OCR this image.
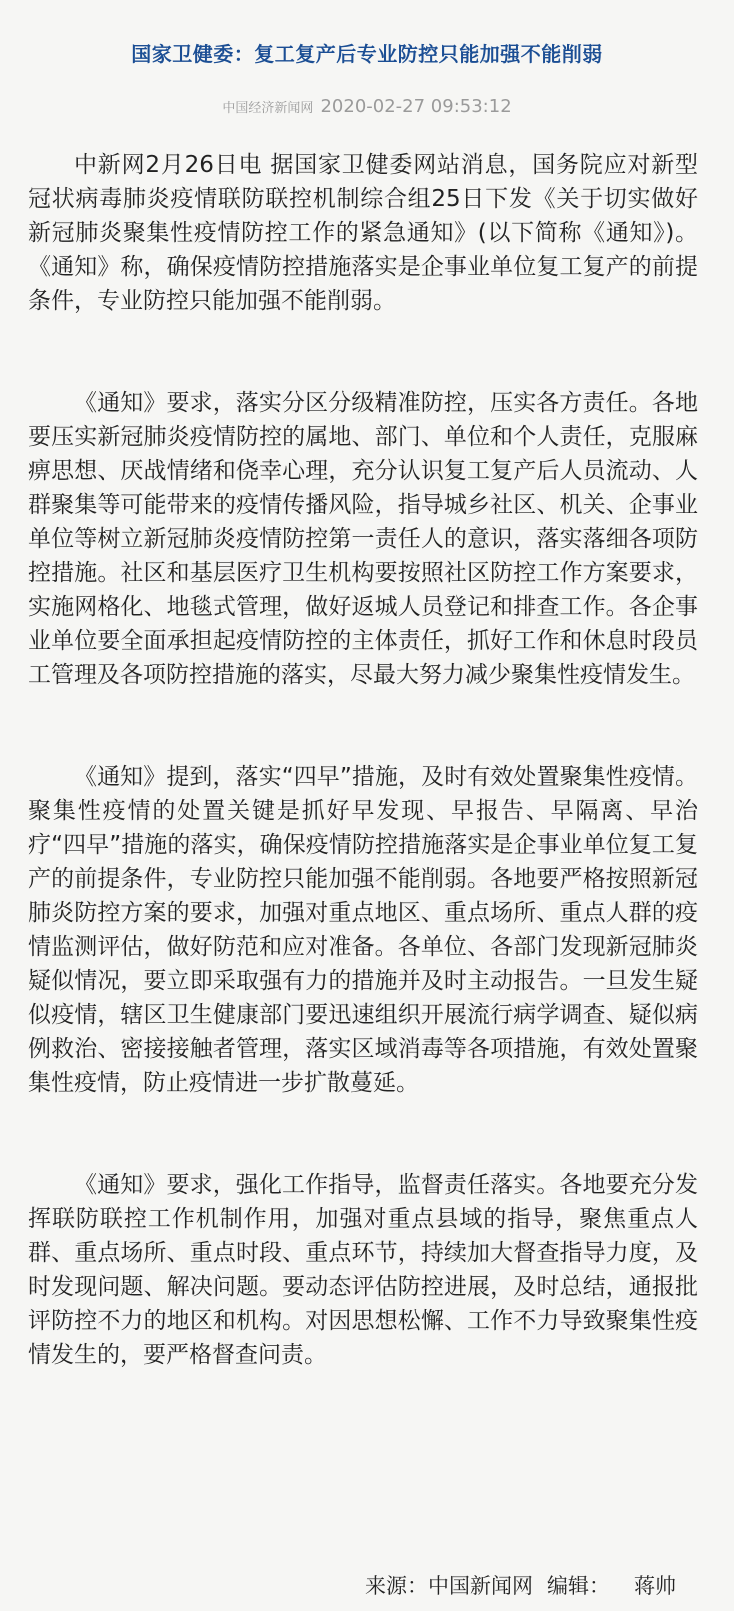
国家卫健委：复工复产后专业防控只能加强不能削弱
中国经济新闻网 2020-02-27 09:53:12

中新网2月26日电 据国家卫健委网站消息，国务院应对新型冠状病毒肺炎疫情联防联控机制综合组25日下发《关于切实做好新冠肺炎聚集性疫情防控工作的紧急通知》(以下简称《通知》)。《通知》称，确保疫情防控措施落实是企事业单位复工复产的前提条件，专业防控只能加强不能削弱。

《通知》要求，落实分区分级精准防控，压实各方责任。各地要压实新冠肺炎疫情防控的属地、部门、单位和个人责任，克服麻痹思想、厌战情绪和侥幸心理，充分认识复工复产后人员流动、人群聚集等可能带来的疫情传播风险，指导城乡社区、机关、企事业单位等树立新冠肺炎疫情防控第一责任人的意识，落实落细各项防控措施。社区和基层医疗卫生机构要按照社区防控工作方案要求，实施网格化、地毯式管理，做好返城人员登记和排查工作。各企事业单位要全面承担起疫情防控的主体责任，抓好工作和休息时段员工管理及各项防控措施的落实，尽最大努力减少聚集性疫情发生。

《通知》提到，落实“四早”措施，及时有效处置聚集性疫情。聚集性疫情的处置关键是抓好早发现、早报告、早隔离、早治疗“四早”措施的落实，确保疫情防控措施落实是企事业单位复工复产的前提条件，专业防控只能加强不能削弱。各地要严格按照新冠肺炎防控方案的要求，加强对重点地区、重点场所、重点人群的疫情监测评估，做好防范和应对准备。各单位、各部门发现新冠肺炎疑似情况，要立即采取强有力的措施并及时主动报告。一旦发生疑似疫情，辖区卫生健康部门要迅速组织开展流行病学调查、疑似病例救治、密接接触者管理，落实区域消毒等各项措施，有效处置聚集性疫情，防止疫情进一步扩散蔓延。

《通知》要求，强化工作指导，监督责任落实。各地要充分发挥联防联控工作机制作用，加强对重点县域的指导，聚焦重点人群、重点场所、重点时段、重点环节，持续加大督查指导力度，及时发现问题、解决问题。要动态评估防控进展，及时总结，通报批评防控不力的地区和机构。对因思想松懈、工作不力导致聚集性疫情发生的，要严格督查问责。

来源：中国新闻网 编辑： 蒋帅
